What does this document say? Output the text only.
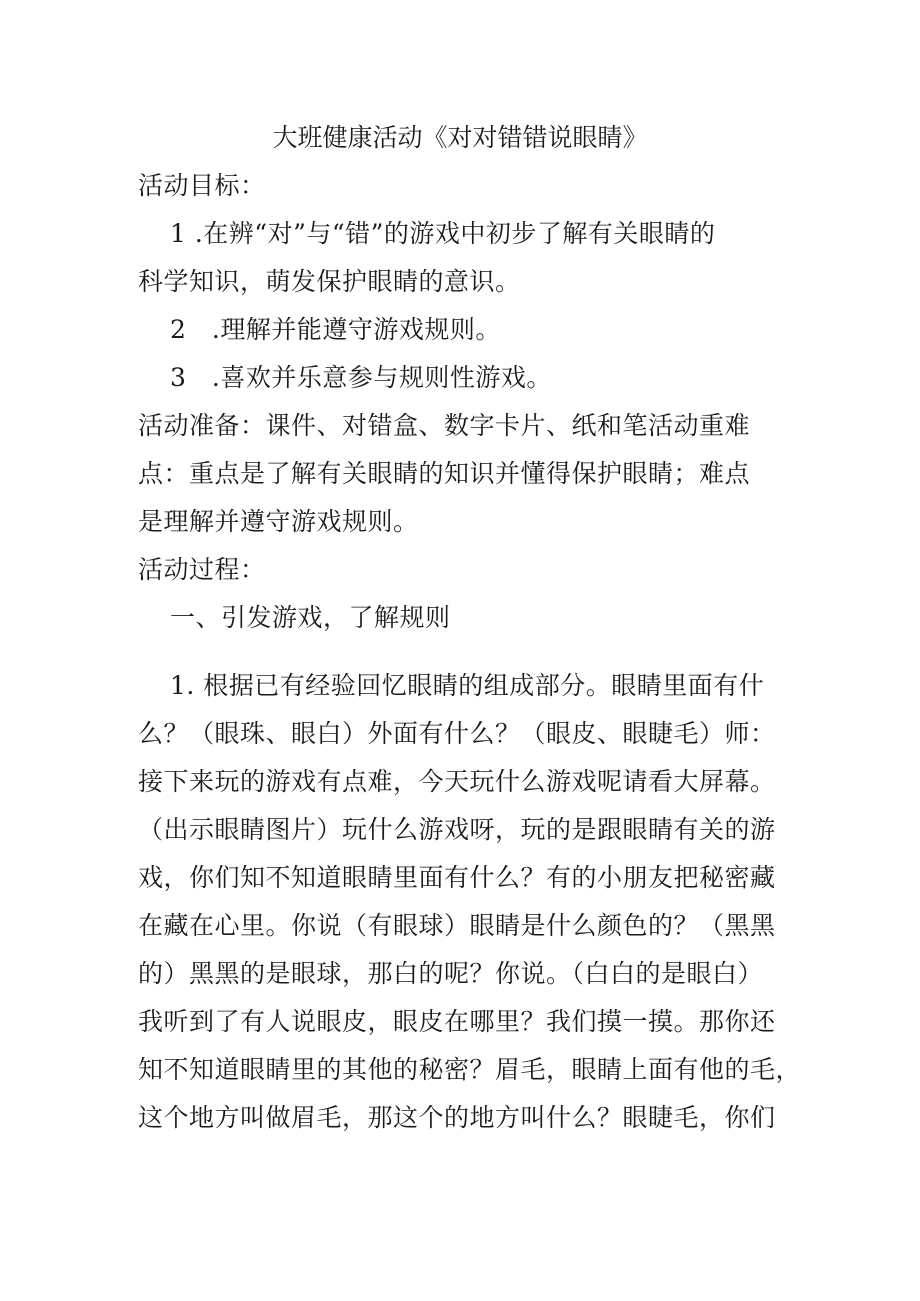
大班健康活动《对对错错说眼睛》
活动目标：
1 .在辨“对”与“错”的游戏中初步了解有关眼睛的
科学知识，萌发保护眼睛的意识。
2　.理解并能遵守游戏规则。
3　.喜欢并乐意参与规则性游戏。
活动准备：课件、对错盒、数字卡片、纸和笔活动重难
点：重点是了解有关眼睛的知识并懂得保护眼睛；难点
是理解并遵守游戏规则。
活动过程：
一、引发游戏，了解规则
1. 根据已有经验回忆眼睛的组成部分。眼睛里面有什
么？（眼珠、眼白）外面有什么？（眼皮、眼睫毛）师：
接下来玩的游戏有点难，今天玩什么游戏呢请看大屏幕。
（出示眼睛图片）玩什么游戏呀，玩的是跟眼睛有关的游
戏，你们知不知道眼睛里面有什么？有的小朋友把秘密藏
在藏在心里。你说（有眼球）眼睛是什么颜色的？（黑黑
的）黑黑的是眼球，那白的呢？你说。（白白的是眼白）
我听到了有人说眼皮，眼皮在哪里？我们摸一摸。那你还
知不知道眼睛里的其他的秘密？眉毛，眼睛上面有他的毛，
这个地方叫做眉毛，那这个的地方叫什么？眼睫毛，你们
